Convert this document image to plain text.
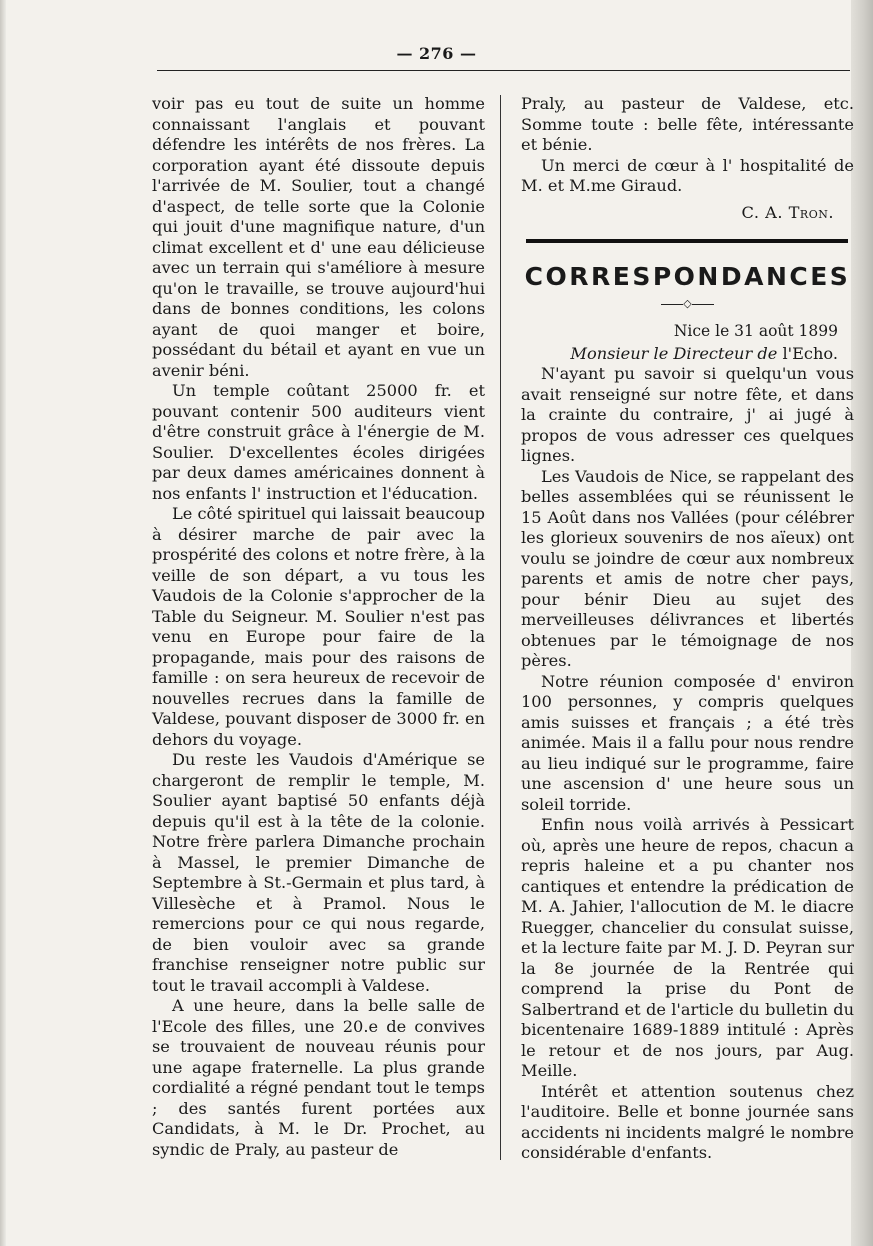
— 276 —

voir pas eu tout de suite un homme connaissant l'anglais et pouvant défendre les intérêts de nos frères. La corporation ayant été dissoute depuis l'arrivée de M. Soulier, tout a changé d'aspect, de telle sorte que la Colonie qui jouit d'une magnifique nature, d'un climat excellent et d' une eau délicieuse avec un terrain qui s'améliore à mesure qu'on le travaille, se trouve aujourd'hui dans de bonnes conditions, les colons ayant de quoi manger et boire, possédant du bétail et ayant en vue un avenir béni.

Un temple coûtant 25000 fr. et pouvant contenir 500 auditeurs vient d'être construit grâce à l'énergie de M. Soulier. D'excellentes écoles dirigées par deux dames américaines donnent à nos enfants l' instruction et l'éducation.

Le côté spirituel qui laissait beaucoup à désirer marche de pair avec la prospérité des colons et notre frère, à la veille de son départ, a vu tous les Vaudois de la Colonie s'approcher de la Table du Seigneur. M. Soulier n'est pas venu en Europe pour faire de la propagande, mais pour des raisons de famille : on sera heureux de recevoir de nouvelles recrues dans la famille de Valdese, pouvant disposer de 3000 fr. en dehors du voyage.

Du reste les Vaudois d'Amérique se chargeront de remplir le temple, M. Soulier ayant baptisé 50 enfants déjà depuis qu'il est à la tête de la colonie. Notre frère parlera Dimanche prochain à Massel, le premier Dimanche de Septembre à St.-Germain et plus tard, à Villesèche et à Pramol. Nous le remercions pour ce qui nous regarde, de bien vouloir avec sa grande franchise renseigner notre public sur tout le travail accompli à Valdese.

A une heure, dans la belle salle de l'Ecole des filles, une 20.e de convives se trouvaient de nouveau réunis pour une agape fraternelle. La plus grande cordialité a régné pendant tout le temps ; des santés furent portées aux Candidats, à M. le Dr. Prochet, au syndic de Praly, au pasteur de

Praly, au pasteur de Valdese, etc. Somme toute : belle fête, intéressante et bénie.

Un merci de cœur à l' hospitalité de M. et M.me Giraud.

C. A. Tron.
CORRESPONDANCES
◇
Nice le 31 août 1899
Monsieur le Directeur de l'Echo.

N'ayant pu savoir si quelqu'un vous avait renseigné sur notre fête, et dans la crainte du contraire, j' ai jugé à propos de vous adresser ces quelques lignes.

Les Vaudois de Nice, se rappelant des belles assemblées qui se réunissent le 15 Août dans nos Vallées (pour célébrer les glorieux souvenirs de nos aïeux) ont voulu se joindre de cœur aux nombreux parents et amis de notre cher pays, pour bénir Dieu au sujet des merveilleuses délivrances et libertés obtenues par le témoignage de nos pères.

Notre réunion composée d' environ 100 personnes, y compris quelques amis suisses et français ; a été très animée. Mais il a fallu pour nous rendre au lieu indiqué sur le programme, faire une ascension d' une heure sous un soleil torride.

Enfin nous voilà arrivés à Pessicart où, après une heure de repos, chacun a repris haleine et a pu chanter nos cantiques et entendre la prédication de M. A. Jahier, l'allocution de M. le diacre Ruegger, chancelier du consulat suisse, et la lecture faite par M. J. D. Peyran sur la 8e journée de la Rentrée qui comprend la prise du Pont de Salbertrand et de l'article du bulletin du bicentenaire 1689-1889 intitulé : Après le retour et de nos jours, par Aug. Meille.

Intérêt et attention soutenus chez l'auditoire. Belle et bonne journée sans accidents ni incidents malgré le nombre considérable d'enfants.
